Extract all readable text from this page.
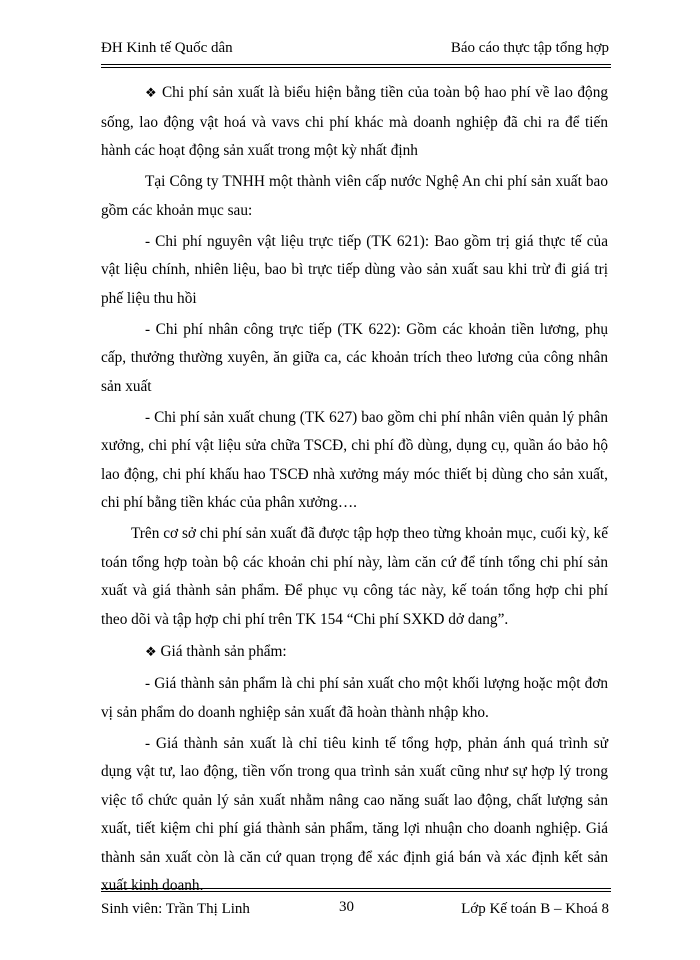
ĐH Kinh tế Quốc dân	Báo cáo thực tập tổng hợp

❖ Chi phí sản xuất là biểu hiện bằng tiền của toàn bộ hao phí về lao động sống, lao động vật hoá và vavs chi phí khác mà doanh nghiệp đã chi ra để tiến hành các hoạt động sản xuất trong một kỳ nhất định

Tại Công ty TNHH một thành viên cấp nước Nghệ An chi phí sản xuất bao gồm các khoản mục sau:

- Chi phí nguyên vật liệu trực tiếp (TK 621): Bao gồm trị giá thực tế của vật liệu chính, nhiên liệu, bao bì trực tiếp dùng vào sản xuất sau khi trừ đi giá trị phế liệu thu hồi

- Chi phí nhân công trực tiếp (TK 622): Gồm các khoản tiền lương, phụ cấp, thưởng thường xuyên, ăn giữa ca, các khoản trích theo lương của công nhân sản xuất

- Chi phí sản xuất chung (TK 627) bao gồm chi phí nhân viên quản lý phân xưởng, chi phí vật liệu sửa chữa TSCĐ, chi phí đồ dùng, dụng cụ, quần áo bảo hộ lao động, chi phí khấu hao TSCĐ nhà xưởng máy móc thiết bị dùng cho sản xuất, chi phí bằng tiền khác của phân xưởng….

Trên cơ sở chi phí sản xuất đã được tập hợp theo từng khoản mục, cuối kỳ, kế toán tổng hợp toàn bộ các khoản chi phí này, làm căn cứ để tính tổng chi phí sản xuất và giá thành sản phẩm. Để phục vụ công tác này, kế toán tổng hợp chi phí theo dõi và tập hợp chi phí trên TK 154 “Chi phí SXKD dở dang”.

❖ Giá thành sản phẩm:

- Giá thành sản phẩm là chi phí sản xuất cho một khối lượng hoặc một đơn vị sản phẩm do doanh nghiệp sản xuất đã hoàn thành nhập kho.

- Giá thành sản xuất là chỉ tiêu kinh tế tổng hợp, phản ánh quá trình sử dụng vật tư, lao động, tiền vốn trong qua trình sản xuất cũng như sự hợp lý trong việc tổ chức quản lý sản xuất nhằm nâng cao năng suất lao động, chất lượng sản xuất, tiết kiệm chi phí giá thành sản phẩm, tăng lợi nhuận cho doanh nghiệp. Giá thành sản xuất còn là căn cứ quan trọng để xác định giá bán và xác định kết sản xuất kinh doanh.

Sinh viên: Trần Thị Linh	30	Lớp Kế toán B – Khoá 8
